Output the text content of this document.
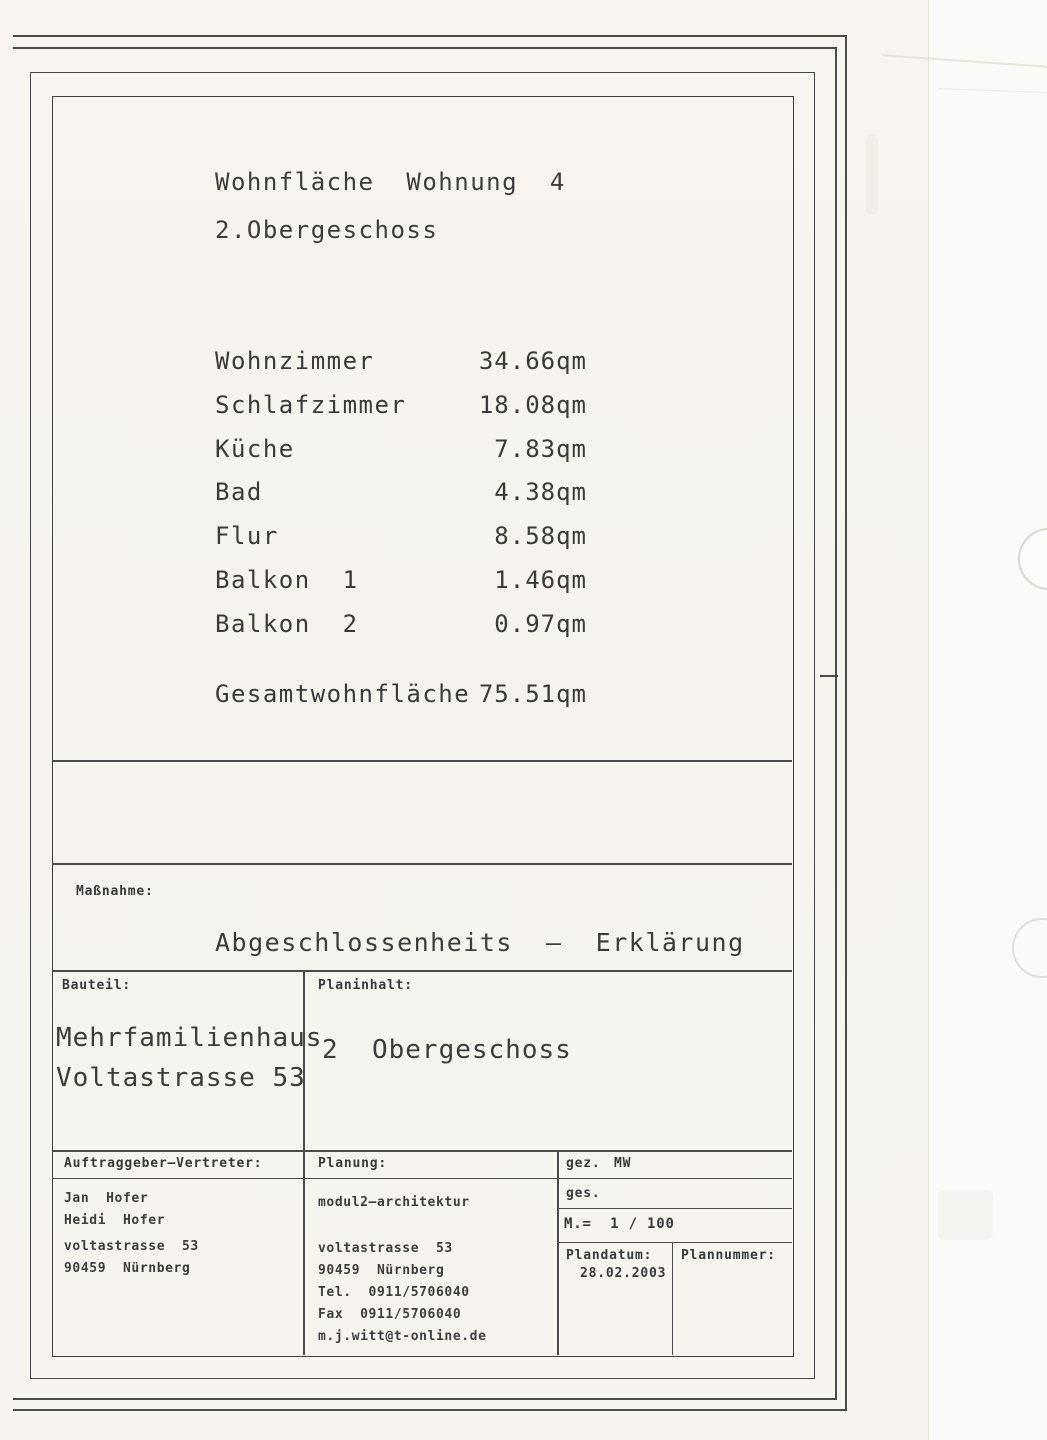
Wohnfläche  Wohnung  4
2.Obergeschoss
Wohnzimmer	34.66qm
Schlafzimmer	18.08qm
Küche	7.83qm
Bad	4.38qm
Flur	8.58qm
Balkon  1	1.46qm
Balkon  2	0.97qm
Gesamtwohnfläche 75.51qm
Maßnahme:
Abgeschlossenheits  –  Erklärung
Bauteil:
Mehrfamilienhaus
Voltastrasse 53
Planinhalt:
2  Obergeschoss
Auftraggeber–Vertreter:	Planung:
Jan  Hofer
Heidi  Hofer
voltastrasse  53
90459  Nürnberg
modul2–architektur
voltastrasse  53
90459  Nürnberg
Tel.  0911/5706040
Fax  0911/5706040
m.j.witt@t-online.de
gez. MW
ges.
M.=  1 / 100
Plandatum:
28.02.2003
Plannummer:
